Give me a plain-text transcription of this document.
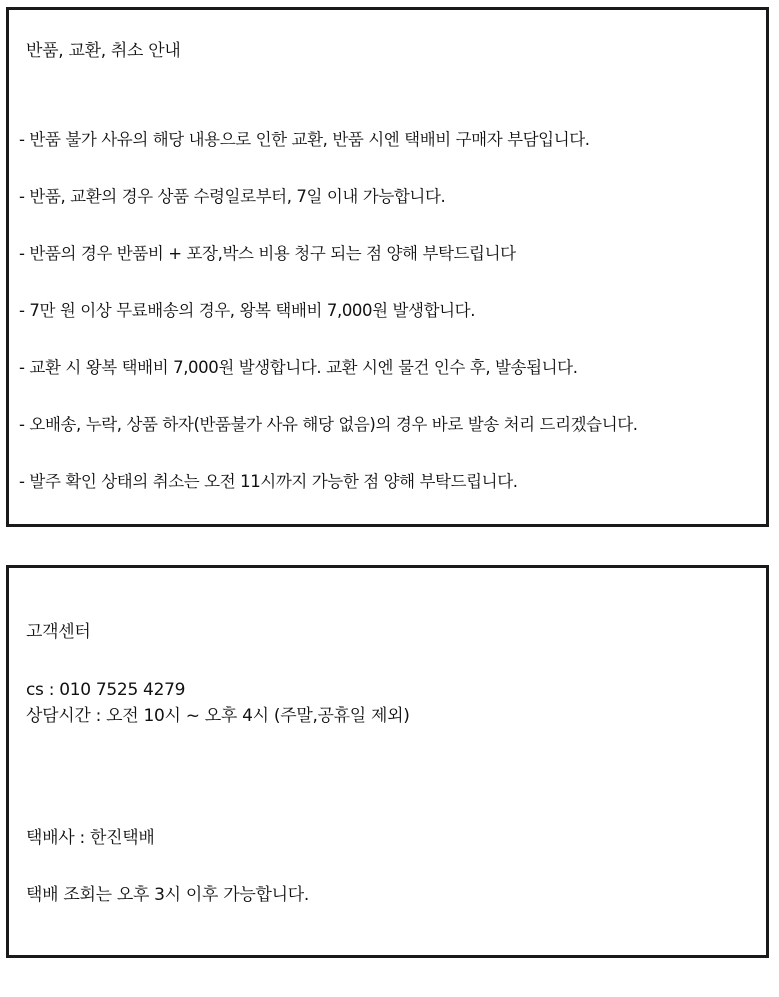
반품, 교환, 취소 안내
- 반품 불가 사유의 해당 내용으로 인한 교환, 반품 시엔 택배비 구매자 부담입니다.
- 반품, 교환의 경우 상품 수령일로부터, 7일 이내 가능합니다.
- 반품의 경우 반품비 + 포장,박스 비용 청구 되는 점 양해 부탁드립니다
- 7만 원 이상 무료배송의 경우, 왕복 택배비 7,000원 발생합니다.
- 교환 시 왕복 택배비 7,000원 발생합니다. 교환 시엔 물건 인수 후, 발송됩니다.
- 오배송, 누락, 상품 하자(반품불가 사유 해당 없음)의 경우 바로 발송 처리 드리겠습니다.
- 발주 확인 상태의 취소는 오전 11시까지 가능한 점 양해 부탁드립니다.
고객센터
cs : 010 7525 4279
상담시간 : 오전 10시 ~ 오후 4시 (주말,공휴일 제외)
택배사 : 한진택배
택배 조회는 오후 3시 이후 가능합니다.
